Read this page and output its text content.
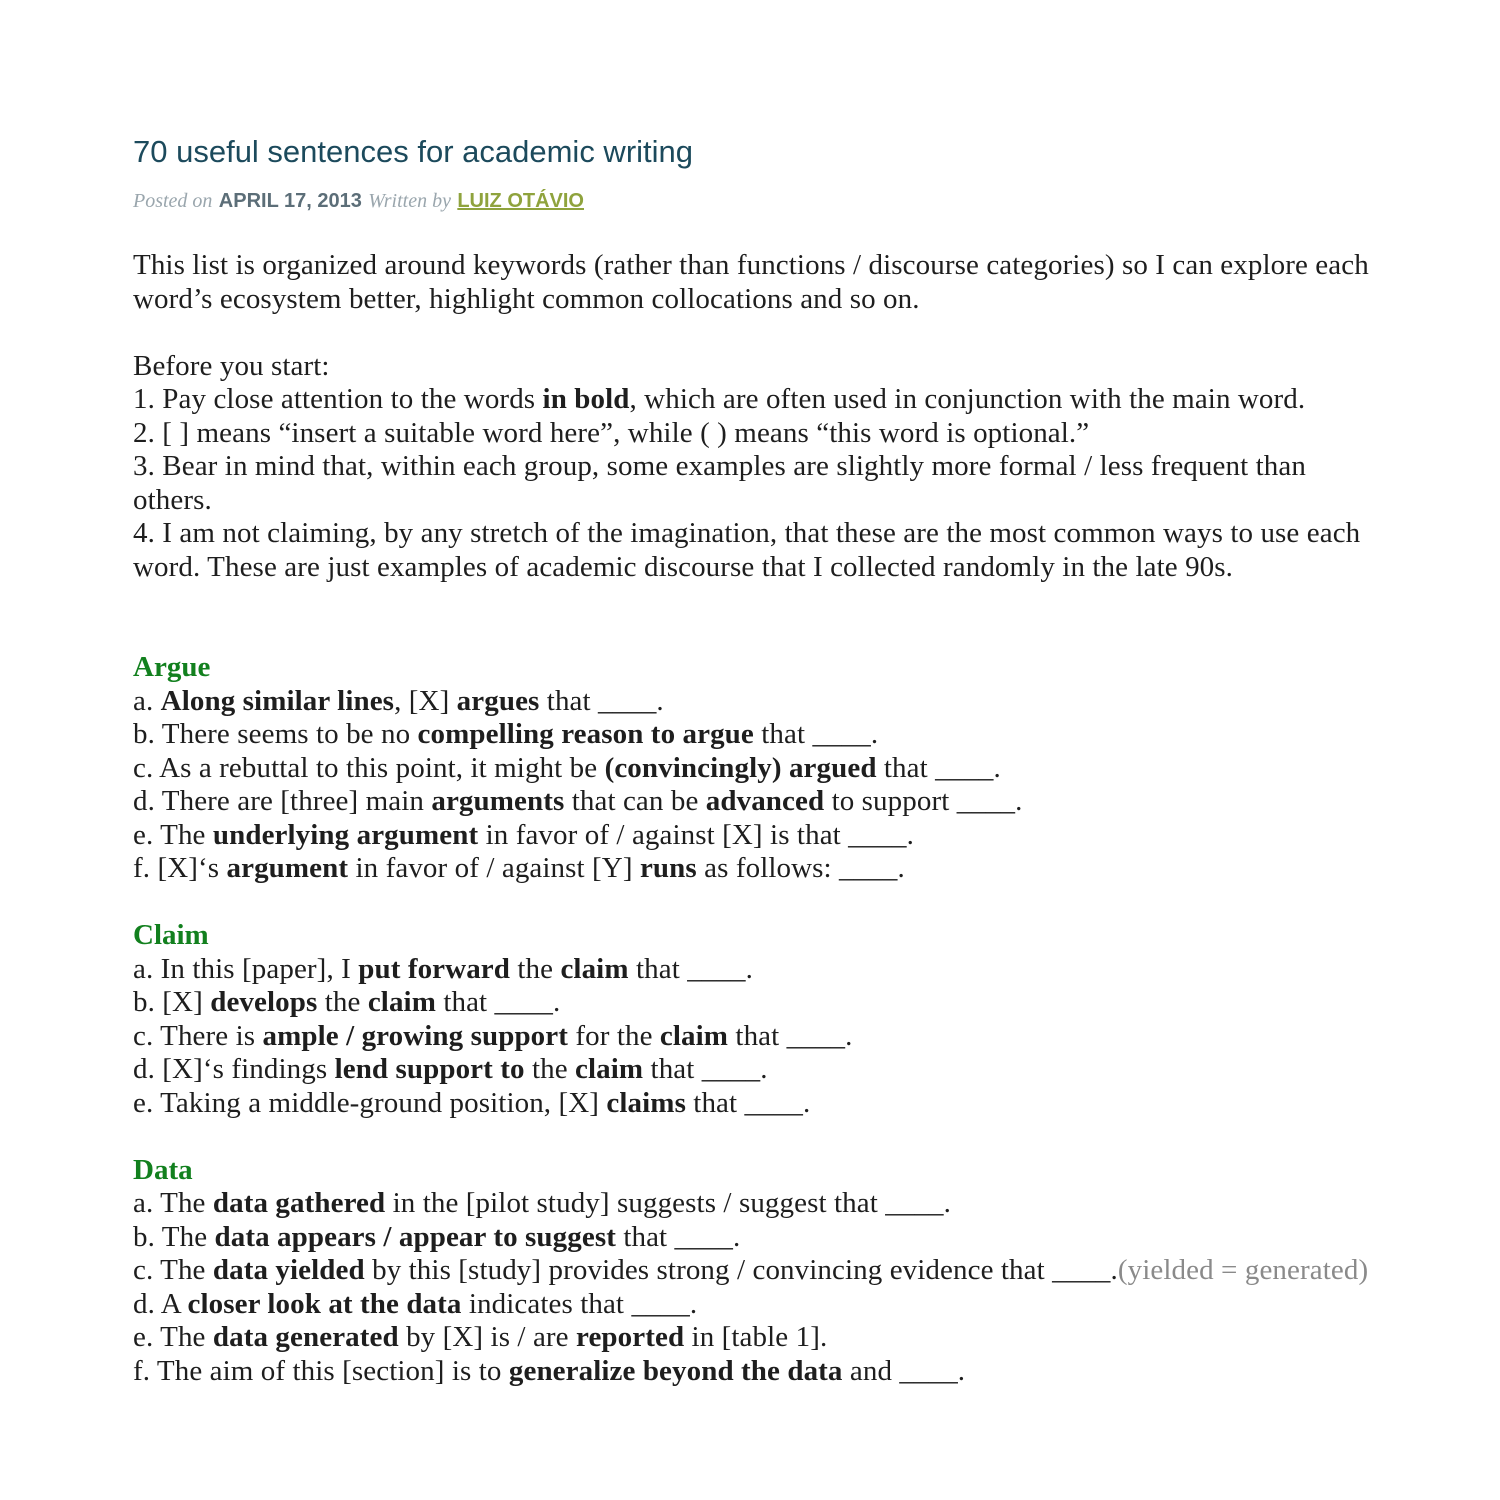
70 useful sentences for academic writing
Posted on APRIL 17, 2013 Written by LUIZ OTÁVIO
This list is organized around keywords (rather than functions / discourse categories) so I can explore each word’s ecosystem better, highlight common collocations and so on.
Before you start:
1. Pay close attention to the words in bold, which are often used in conjunction with the main word.
2. [ ] means “insert a suitable word here”, while ( ) means “this word is optional.”
3. Bear in mind that, within each group, some examples are slightly more formal / less frequent than others.
4. I am not claiming, by any stretch of the imagination, that these are the most common ways to use each word. These are just examples of academic discourse that I collected randomly in the late 90s.
Argue
a. Along similar lines, [X] argues that ____.
b. There seems to be no compelling reason to argue that ____.
c. As a rebuttal to this point, it might be (convincingly) argued that ____.
d. There are [three] main arguments that can be advanced to support ____.
e. The underlying argument in favor of / against [X] is that ____.
f. [X]‘s argument in favor of / against [Y] runs as follows: ____.
Claim
a. In this [paper], I put forward the claim that ____.
b. [X] develops the claim that ____.
c. There is ample / growing support for the claim that ____.
d. [X]‘s findings lend support to the claim that ____.
e. Taking a middle-ground position, [X] claims that ____.
Data
a. The data gathered in the [pilot study] suggests / suggest that ____.
b. The data appears / appear to suggest that ____.
c. The data yielded by this [study] provides strong / convincing evidence that ____.(yielded = generated)
d. A closer look at the data indicates that ____.
e. The data generated by [X] is / are reported in [table 1].
f. The aim of this [section] is to generalize beyond the data and ____.
